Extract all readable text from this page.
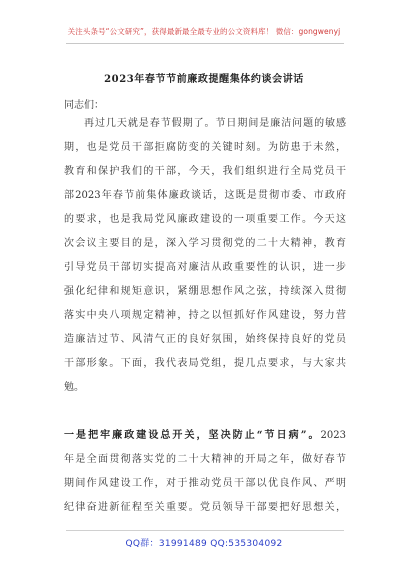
关注头条号“公文研究”，获得最新最全最专业的公文资料库！ 微信：gongwenyj
2023年春节节前廉政提醒集体约谈会讲话
同志们：
再过几天就是春节假期了。节日期间是廉洁问题的敏感
期，也是党员干部拒腐防变的关键时刻。为防患于未然，
教育和保护我们的干部，今天，我们组织进行全局党员干
部2023年春节前集体廉政谈话，这既是贯彻市委、市政府
的要求，也是我局党风廉政建设的一项重要工作。今天这
次会议主要目的是，深入学习贯彻党的二十大精神，教育
引导党员干部切实提高对廉洁从政重要性的认识，进一步
强化纪律和规矩意识，紧绷思想作风之弦，持续深入贯彻
落实中央八项规定精神，持之以恒抓好作风建设，努力营
造廉洁过节、风清气正的良好氛围，始终保持良好的党员
干部形象。下面，我代表局党组，提几点要求，与大家共
勉。
一是把牢廉政建设总开关，坚决防止“节日病”。2023
年是全面贯彻落实党的二十大精神的开局之年，做好春节
期间作风建设工作，对于推动党员干部以优良作风、严明
纪律奋进新征程至关重要。党员领导干部要把好思想关，
QQ群：31991489 QQ:535304092
